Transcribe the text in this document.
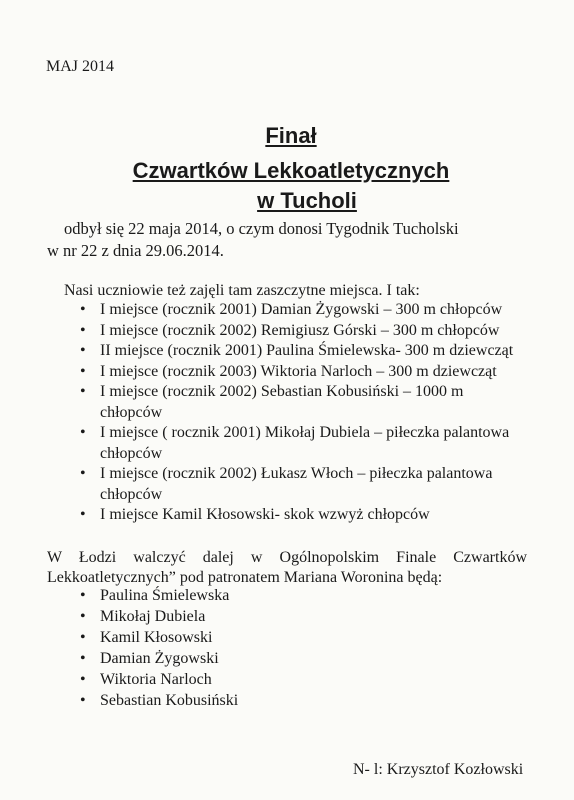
MAJ 2014
Finał
Czwartków Lekkoatletycznych
w Tucholi
odbył się 22 maja 2014, o czym donosi Tygodnik Tucholski
w nr 22 z dnia 29.06.2014.
Nasi uczniowie też zajęli tam zaszczytne miejsca. I tak:
• I miejsce (rocznik 2001) Damian Żygowski – 300 m chłopców
• I miejsce (rocznik 2002) Remigiusz Górski – 300 m chłopców
• II miejsce (rocznik 2001) Paulina Śmielewska- 300 m dziewcząt
• I miejsce (rocznik 2003) Wiktoria Narloch – 300 m dziewcząt
• I miejsce (rocznik 2002) Sebastian Kobusiński – 1000 m
chłopców
• I miejsce ( rocznik 2001) Mikołaj Dubiela – piłeczka palantowa
chłopców
• I miejsce (rocznik 2002) Łukasz Włoch – piłeczka palantowa
chłopców
• I miejsce Kamil Kłosowski- skok wzwyż chłopców
W Łodzi walczyć dalej w Ogólnopolskim Finale Czwartków
Lekkoatletycznych” pod patronatem Mariana Woronina będą:
• Paulina Śmielewska
• Mikołaj Dubiela
• Kamil Kłosowski
• Damian Żygowski
• Wiktoria Narloch
• Sebastian Kobusiński
N- l: Krzysztof Kozłowski
